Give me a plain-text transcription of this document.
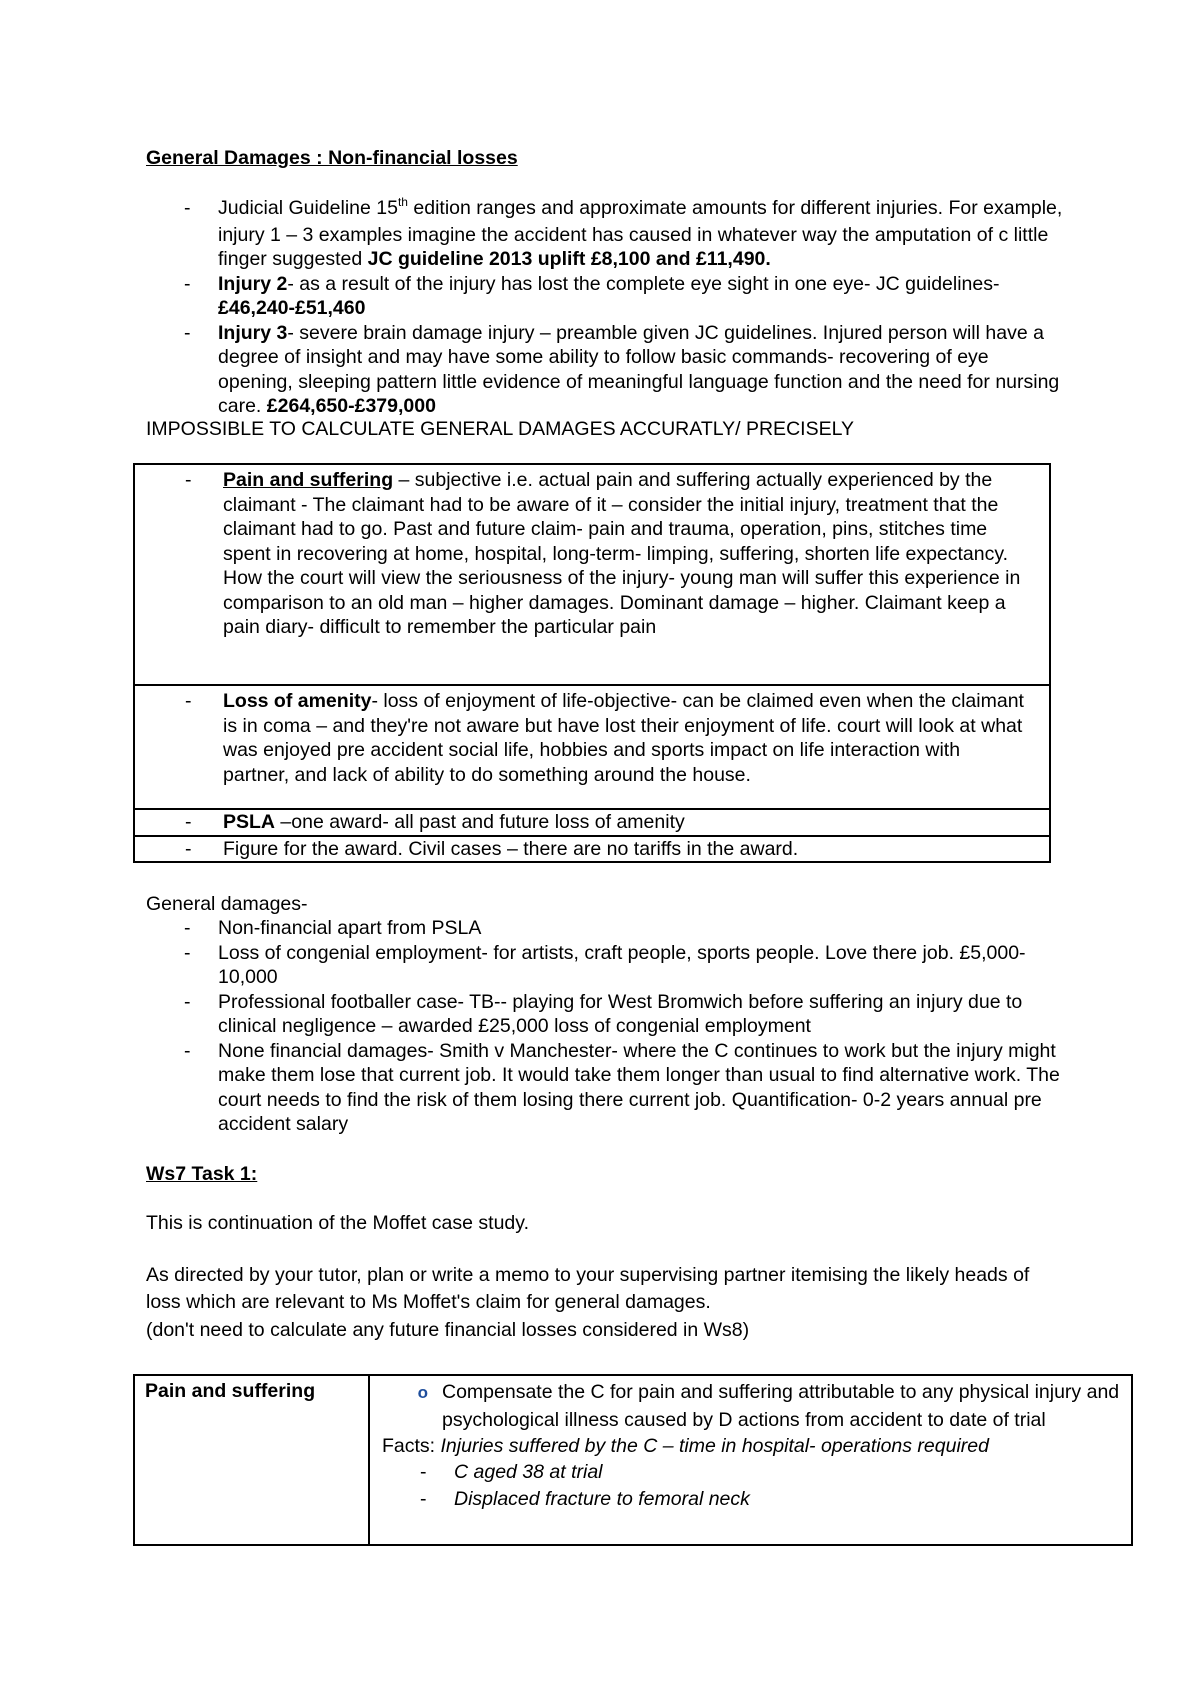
General Damages : Non-financial losses
-	Judicial Guideline 15th edition ranges and approximate amounts for different injuries. For example, injury 1 – 3 examples imagine the accident has caused in whatever way the amputation of c little finger suggested JC guideline 2013 uplift £8,100 and £11,490.
-	Injury 2- as a result of the injury has lost the complete eye sight in one eye- JC guidelines- £46,240-£51,460
-	Injury 3- severe brain damage injury – preamble given JC guidelines. Injured person will have a degree of insight and may have some ability to follow basic commands- recovering of eye opening, sleeping pattern little evidence of meaningful language function and the need for nursing care. £264,650-£379,000
IMPOSSIBLE TO CALCULATE GENERAL DAMAGES ACCURATLY/ PRECISELY
-	Pain and suffering – subjective i.e. actual pain and suffering actually experienced by the claimant - The claimant had to be aware of it – consider the initial injury, treatment that the claimant had to go. Past and future claim- pain and trauma, operation, pins, stitches time spent in recovering at home, hospital, long-term- limping, suffering, shorten life expectancy. How the court will view the seriousness of the injury- young man will suffer this experience in comparison to an old man – higher damages. Dominant damage – higher. Claimant keep a pain diary- difficult to remember the particular pain

-	Loss of amenity- loss of enjoyment of life-objective- can be claimed even when the claimant is in coma – and they're not aware but have lost their enjoyment of life. court will look at what was enjoyed pre accident social life, hobbies and sports impact on life interaction with partner, and lack of ability to do something around the house.

-	PSLA –one award- all past and future loss of amenity

-	Figure for the award. Civil cases – there are no tariffs in the award.
General damages-
-	Non-financial apart from PSLA
-	Loss of congenial employment- for artists, craft people, sports people. Love there job. £5,000-10,000
-	Professional footballer case- TB-- playing for West Bromwich before suffering an injury due to clinical negligence – awarded £25,000 loss of congenial employment
-	None financial damages- Smith v Manchester- where the C continues to work but the injury might make them lose that current job. It would take them longer than usual to find alternative work. The court needs to find the risk of them losing there current job. Quantification- 0-2 years annual pre accident salary
Ws7 Task 1:
This is continuation of the Moffet case study.
As directed by your tutor, plan or write a memo to your supervising partner itemising the likely heads of loss which are relevant to Ms Moffet's claim for general damages.
(don't need to calculate any future financial losses considered in Ws8)
Pain and suffering	o Compensate the C for pain and suffering attributable to any physical injury and psychological illness caused by D actions from accident to date of trial
Facts: Injuries suffered by the C – time in hospital- operations required
-	C aged 38 at trial
-	Displaced fracture to femoral neck
